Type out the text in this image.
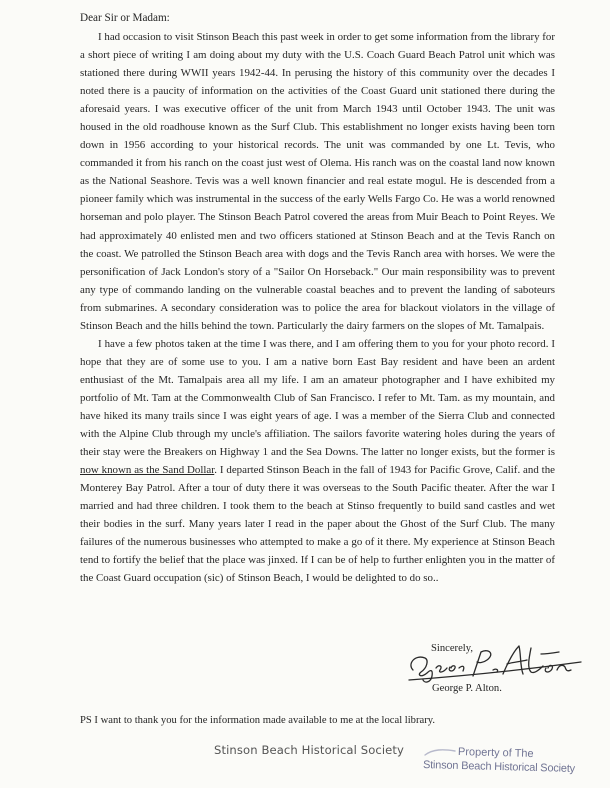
Dear Sir or Madam:

I had occasion to visit Stinson Beach this past week in order to get some information from the library for a short piece of writing I am doing about my duty with the U.S. Coach Guard Beach Patrol unit which was stationed there during WWII years 1942-44. In perusing the history of this community over the decades I noted there is a paucity of information on the activities of the Coast Guard unit stationed there during the aforesaid years. I was executive officer of the unit from March 1943 until October 1943. The unit was housed in the old roadhouse known as the Surf Club. This establishment no longer exists having been torn down in 1956 according to your historical records. The unit was commanded by one Lt. Tevis, who commanded it from his ranch on the coast just west of Olema. His ranch was on the coastal land now known as the National Seashore. Tevis was a well known financier and real estate mogul. He is descended from a pioneer family which was instrumental in the success of the early Wells Fargo Co. He was a world renowned horseman and polo player. The Stinson Beach Patrol covered the areas from Muir Beach to Point Reyes. We had approximately 40 enlisted men and two officers stationed at Stinson Beach and at the Tevis Ranch on the coast. We patrolled the Stinson Beach area with dogs and the Tevis Ranch area with horses. We were the personification of Jack London's story of a "Sailor On Horseback." Our main responsibility was to prevent any type of commando landing on the vulnerable coastal beaches and to prevent the landing of saboteurs from submarines. A secondary consideration was to police the area for blackout violators in the village of Stinson Beach and the hills behind the town. Particularly the dairy farmers on the slopes of Mt. Tamalpais.

I have a few photos taken at the time I was there, and I am offering them to you for your photo record. I hope that they are of some use to you. I am a native born East Bay resident and have been an ardent enthusiast of the Mt. Tamalpais area all my life. I am an amateur photographer and I have exhibited my portfolio of Mt. Tam at the Commonwealth Club of San Francisco. I refer to Mt. Tam. as my mountain, and have hiked its many trails since I was eight years of age. I was a member of the Sierra Club and connected with the Alpine Club through my uncle's affiliation. The sailors favorite watering holes during the years of their stay were the Breakers on Highway 1 and the Sea Downs. The latter no longer exists, but the former is now known as the Sand Dollar. I departed Stinson Beach in the fall of 1943 for Pacific Grove, Calif. and the Monterey Bay Patrol. After a tour of duty there it was overseas to the South Pacific theater. After the war I married and had three children. I took them to the beach at Stinso frequently to build sand castles and wet their bodies in the surf. Many years later I read in the paper about the Ghost of the Surf Club. The many failures of the numerous businesses who attempted to make a go of it there. My experience at Stinson Beach tend to fortify the belief that the place was jinxed. If I can be of help to further enlighten you in the matter of the Coast Guard occupation (sic) of Stinson Beach, I would be delighted to do so..

Sincerely,

George P. Alton.

PS I want to thank you for the information made available to me at the local library.

Stinson Beach Historical Society	Property of The
Stinson Beach Historical Society
